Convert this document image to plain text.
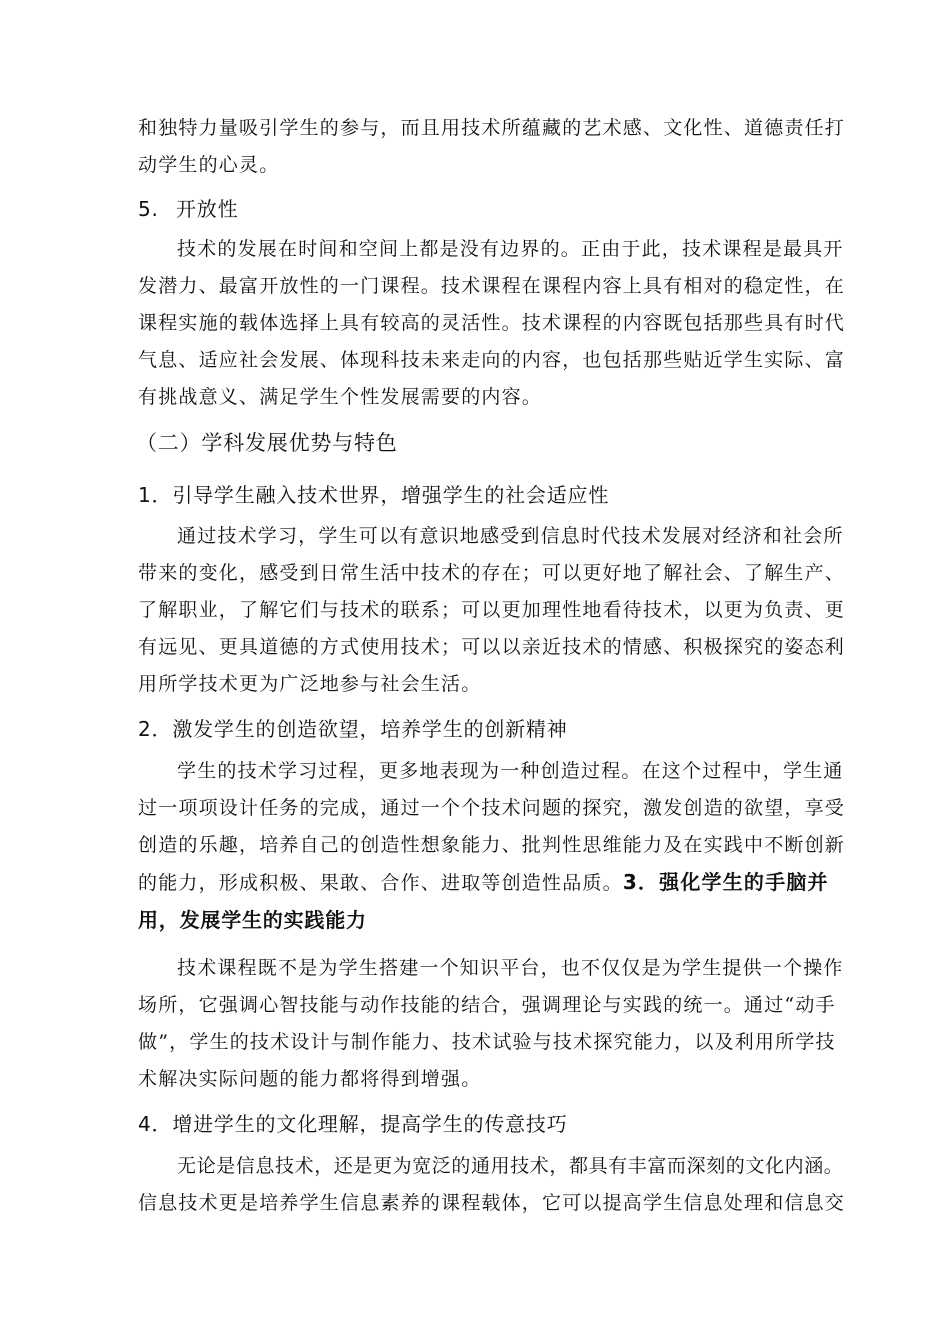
和独特力量吸引学生的参与，而且用技术所蕴藏的艺术感、文化性、道德责任打
动学生的心灵。
5. 开放性
技术的发展在时间和空间上都是没有边界的。正由于此，技术课程是最具开
发潜力、最富开放性的一门课程。技术课程在课程内容上具有相对的稳定性，在
课程实施的载体选择上具有较高的灵活性。技术课程的内容既包括那些具有时代
气息、适应社会发展、体现科技未来走向的内容，也包括那些贴近学生实际、富
有挑战意义、满足学生个性发展需要的内容。
（二）学科发展优势与特色
1．引导学生融入技术世界，增强学生的社会适应性
通过技术学习，学生可以有意识地感受到信息时代技术发展对经济和社会所
带来的变化，感受到日常生活中技术的存在；可以更好地了解社会、了解生产、
了解职业，了解它们与技术的联系；可以更加理性地看待技术，以更为负责、更
有远见、更具道德的方式使用技术；可以以亲近技术的情感、积极探究的姿态利
用所学技术更为广泛地参与社会生活。
2．激发学生的创造欲望，培养学生的创新精神
学生的技术学习过程，更多地表现为一种创造过程。在这个过程中，学生通
过一项项设计任务的完成，通过一个个技术问题的探究，激发创造的欲望，享受
创造的乐趣，培养自己的创造性想象能力、批判性思维能力及在实践中不断创新
的能力，形成积极、果敢、合作、进取等创造性品质。3．强化学生的手脑并
用，发展学生的实践能力
技术课程既不是为学生搭建一个知识平台，也不仅仅是为学生提供一个操作
场所，它强调心智技能与动作技能的结合，强调理论与实践的统一。通过“动手
做”，学生的技术设计与制作能力、技术试验与技术探究能力，以及利用所学技
术解决实际问题的能力都将得到增强。
4．增进学生的文化理解，提高学生的传意技巧
无论是信息技术，还是更为宽泛的通用技术，都具有丰富而深刻的文化内涵。
信息技术更是培养学生信息素养的课程载体，它可以提高学生信息处理和信息交
